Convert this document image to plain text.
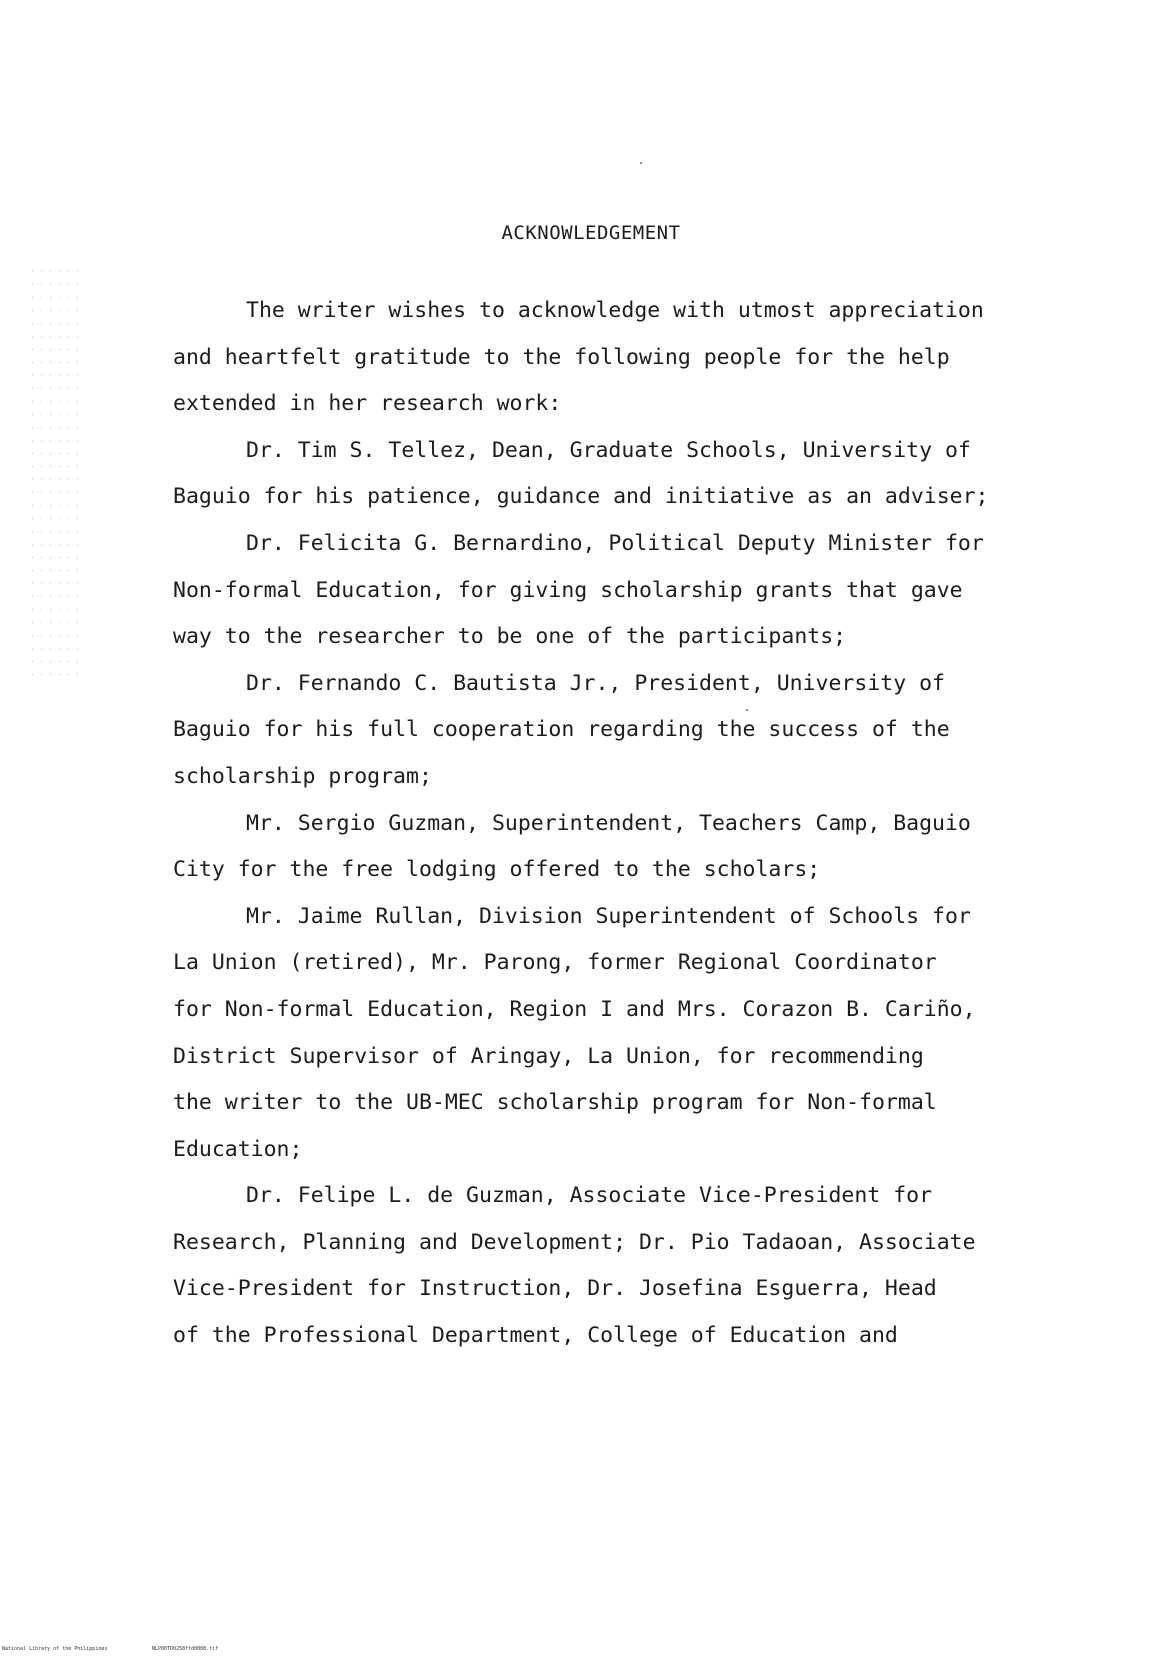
ACKNOWLEDGEMENT
The writer wishes to acknowledge with utmost appreciation
and heartfelt gratitude to the following people for the help
extended in her research work:
Dr. Tim S. Tellez, Dean, Graduate Schools, University of
Baguio for his patience, guidance and initiative as an adviser;
Dr. Felicita G. Bernardino, Political Deputy Minister for
Non-formal Education, for giving scholarship grants that gave
way to the researcher to be one of the participants;
Dr. Fernando C. Bautista Jr., President, University of
Baguio for his full cooperation regarding the success of the
scholarship program;
Mr. Sergio Guzman, Superintendent, Teachers Camp, Baguio
City for the free lodging offered to the scholars;
Mr. Jaime Rullan, Division Superintendent of Schools for
La Union (retired), Mr. Parong, former Regional Coordinator
for Non-formal Education, Region I and Mrs. Corazon B. Cariño,
District Supervisor of Aringay, La Union, for recommending
the writer to the UB-MEC scholarship program for Non-formal
Education;
Dr. Felipe L. de Guzman, Associate Vice-President for
Research, Planning and Development; Dr. Pio Tadaoan, Associate
Vice-President for Instruction, Dr. Josefina Esguerra, Head
of the Professional Department, College of Education and
National Library of the Philippines	NLP00TD0258ftd0008.tif
